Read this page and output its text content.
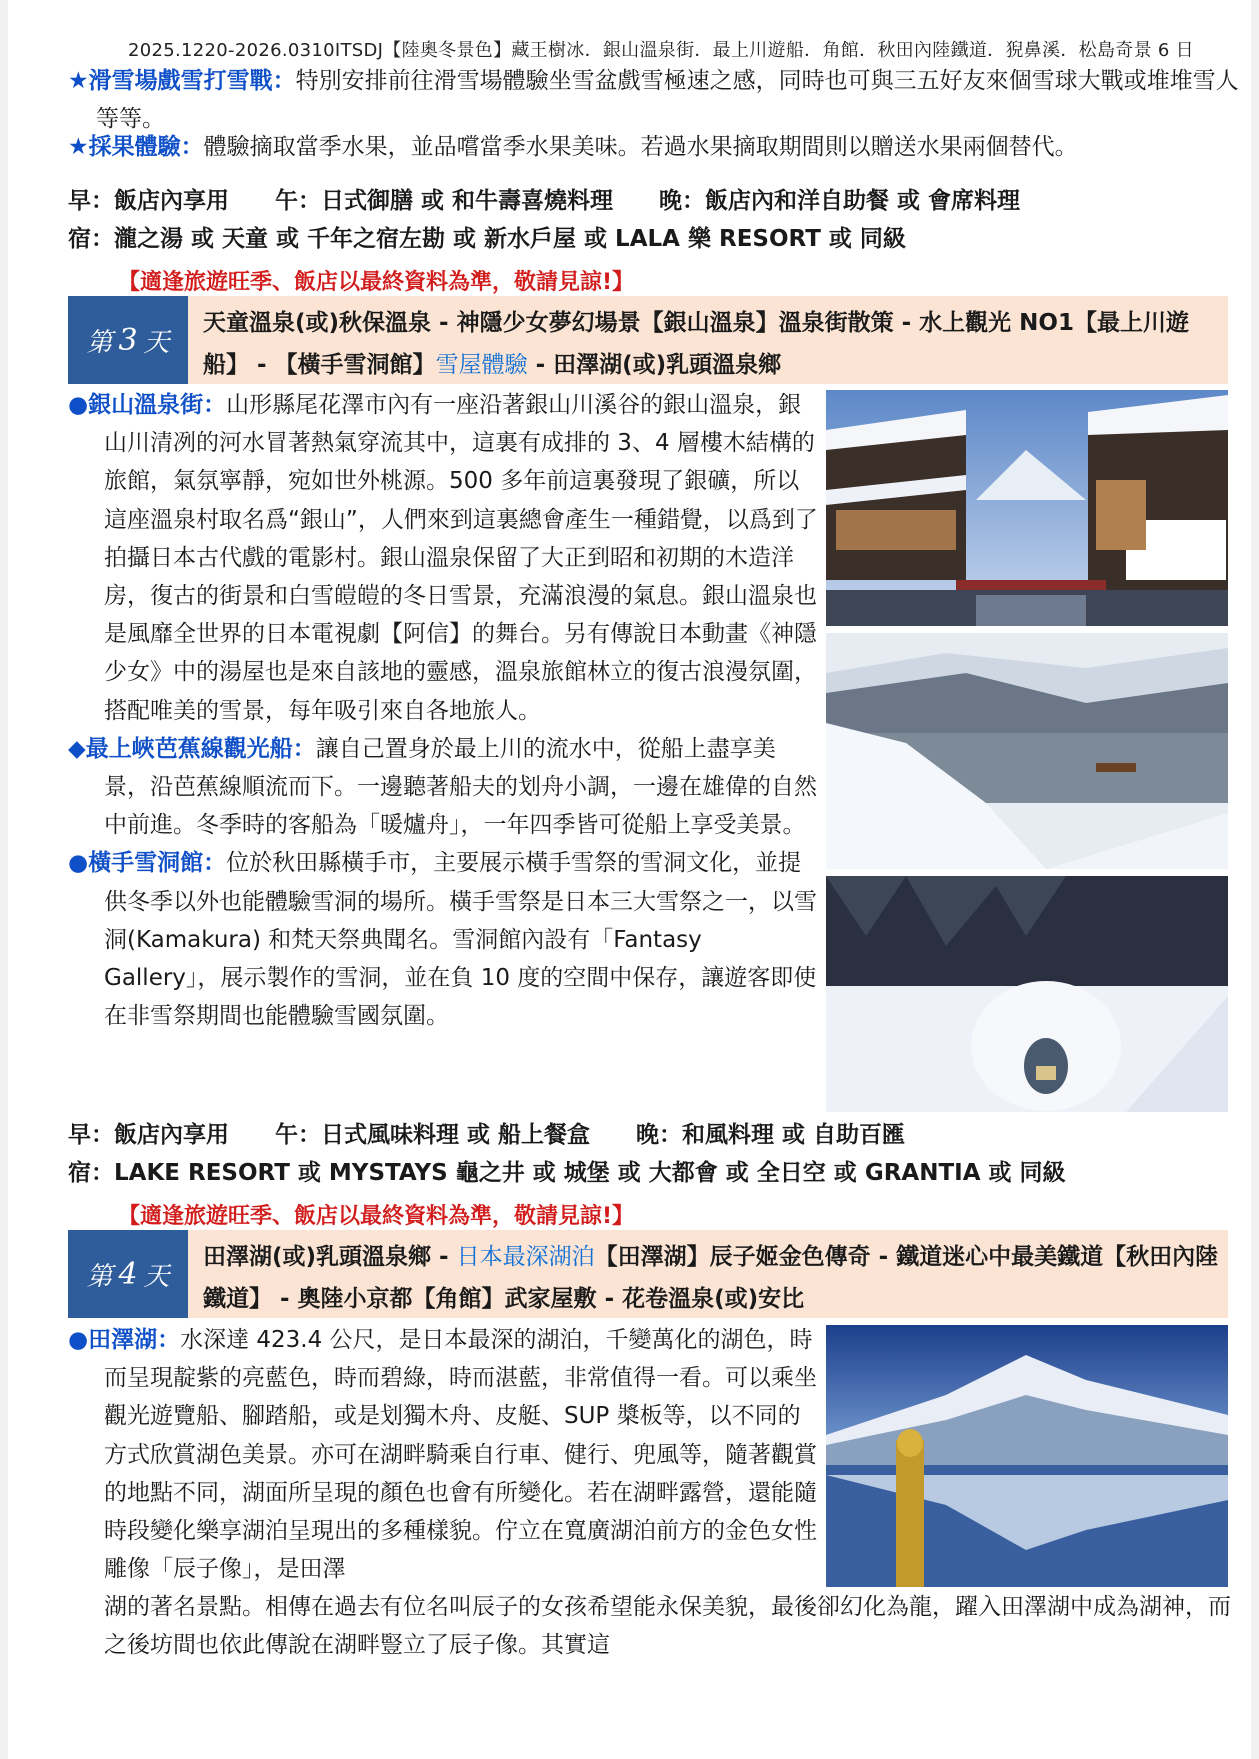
2025.1220-2026.0310ITSDJ【陸奧冬景色】藏王樹冰．銀山溫泉街．最上川遊船．角館．秋田內陸鐵道．猊鼻溪．松島奇景 6 日
★滑雪場戲雪打雪戰：特別安排前往滑雪場體驗坐雪盆戲雪極速之感，同時也可與三五好友來個雪球大戰或堆堆雪人等等。
★採果體驗：體驗摘取當季水果，並品嚐當季水果美味。若過水果摘取期間則以贈送水果兩個替代。
早：飯店內享用　　午：日式御膳 或 和牛壽喜燒料理　　晚：飯店內和洋自助餐 或 會席料理
宿：瀧之湯 或 天童 或 千年之宿左勘 或 新水戶屋 或 LALA 樂 RESORT 或 同級
【適逢旅遊旺季、飯店以最終資料為準，敬請見諒!】
第 3 天
天童溫泉(或)秋保溫泉 - 神隱少女夢幻場景【銀山溫泉】溫泉街散策 - 水上觀光 NO1【最上川遊船】 - 【橫手雪洞館】雪屋體驗 - 田澤湖(或)乳頭溫泉鄉

●銀山溫泉街：山形縣尾花澤市內有一座沿著銀山川溪谷的銀山溫泉，銀山川清冽的河水冒著熱氣穿流其中，這裏有成排的 3、4 層樓木結構的旅館，氣氛寧靜，宛如世外桃源。500 多年前這裏發現了銀礦，所以這座溫泉村取名爲“銀山”，人們來到這裏總會產生一種錯覺，以爲到了拍攝日本古代戲的電影村。銀山溫泉保留了大正到昭和初期的木造洋房，復古的街景和白雪皚皚的冬日雪景，充滿浪漫的氣息。銀山溫泉也是風靡全世界的日本電視劇【阿信】的舞台。另有傳說日本動畫《神隱少女》中的湯屋也是來自該地的靈感，溫泉旅館林立的復古浪漫氛圍，搭配唯美的雪景，每年吸引來自各地旅人。

◆最上峽芭蕉線觀光船：讓自己置身於最上川的流水中，從船上盡享美景，沿芭蕉線順流而下。一邊聽著船夫的划舟小調，一邊在雄偉的自然中前進。冬季時的客船為「暖爐舟」，一年四季皆可從船上享受美景。

●橫手雪洞館：位於秋田縣橫手市，主要展示橫手雪祭的雪洞文化，並提供冬季以外也能體驗雪洞的場所。橫手雪祭是日本三大雪祭之一，以雪洞(Kamakura) 和梵天祭典聞名。雪洞館內設有「Fantasy Gallery」，展示製作的雪洞，並在負 10 度的空間中保存，讓遊客即使在非雪祭期間也能體驗雪國氛圍。

早：飯店內享用　　午：日式風味料理 或 船上餐盒　　晚：和風料理 或 自助百匯
宿：LAKE RESORT 或 MYSTAYS 龜之井 或 城堡 或 大都會 或 全日空 或 GRANTIA 或 同級
【適逢旅遊旺季、飯店以最終資料為準，敬請見諒!】
第 4 天
田澤湖(或)乳頭溫泉鄉 - 日本最深湖泊【田澤湖】辰子姬金色傳奇 - 鐵道迷心中最美鐵道【秋田內陸鐵道】 - 奧陸小京都【角館】武家屋敷 - 花卷溫泉(或)安比

●田澤湖：水深達 423.4 公尺，是日本最深的湖泊，千變萬化的湖色，時而呈現靛紫的亮藍色，時而碧綠，時而湛藍，非常值得一看。可以乘坐觀光遊覽船、腳踏船，或是划獨木舟、皮艇、SUP 槳板等，以不同的方式欣賞湖色美景。亦可在湖畔騎乘自行車、健行、兜風等，隨著觀賞的地點不同，湖面所呈現的顏色也會有所變化。若在湖畔露營，還能隨時段變化樂享湖泊呈現出的多種樣貌。佇立在寬廣湖泊前方的金色女性雕像「辰子像」，是田澤

湖的著名景點。相傳在過去有位名叫辰子的女孩希望能永保美貌，最後卻幻化為龍，躍入田澤湖中成為湖神，而之後坊間也依此傳說在湖畔豎立了辰子像。其實這
